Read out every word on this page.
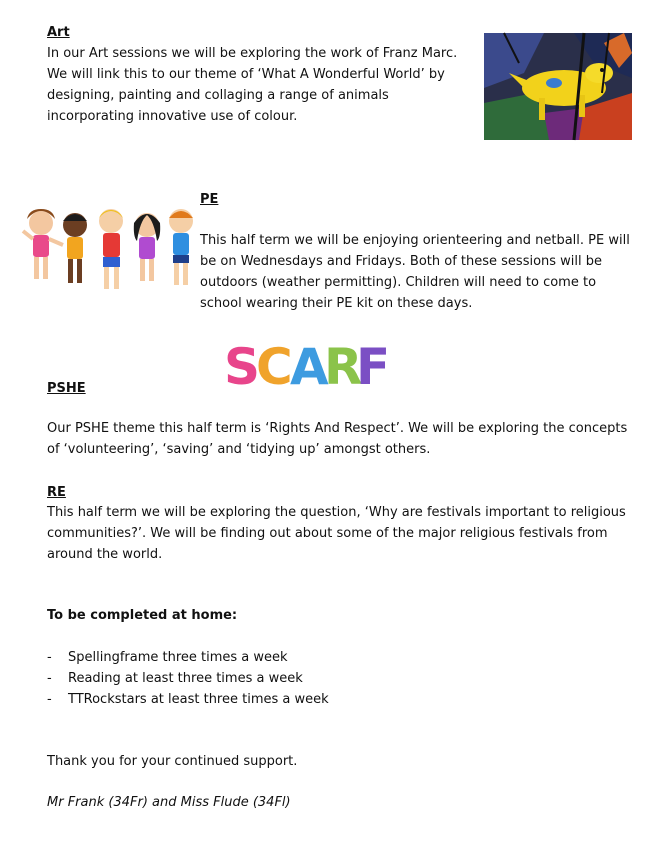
Art

In our Art sessions we will be exploring the work of Franz Marc. We will link this to our theme of ‘What A Wonderful World’ by designing, painting and collaging a range of animals incorporating innovative use of colour.

PE

This half term we will be enjoying orienteering and netball. PE will be on Wednesdays and Fridays. Both of these sessions will be outdoors (weather permitting). Children will need to come to school wearing their PE kit on these days.

S
C
A
R
F
PSHE

Our PSHE theme this half term is ‘Rights And Respect’. We will be exploring the concepts of ‘volunteering’, ‘saving’ and ‘tidying up’ amongst others.

RE

This half term we will be exploring the question, ‘Why are festivals important to religious communities?’. We will be finding out about some of the major religious festivals from around the world.

To be completed at home:
- Spellingframe three times a week
- Reading at least three times a week
- TTRockstars at least three times a week

Thank you for your continued support.

Mr Frank (34Fr) and Miss Flude (34Fl)
